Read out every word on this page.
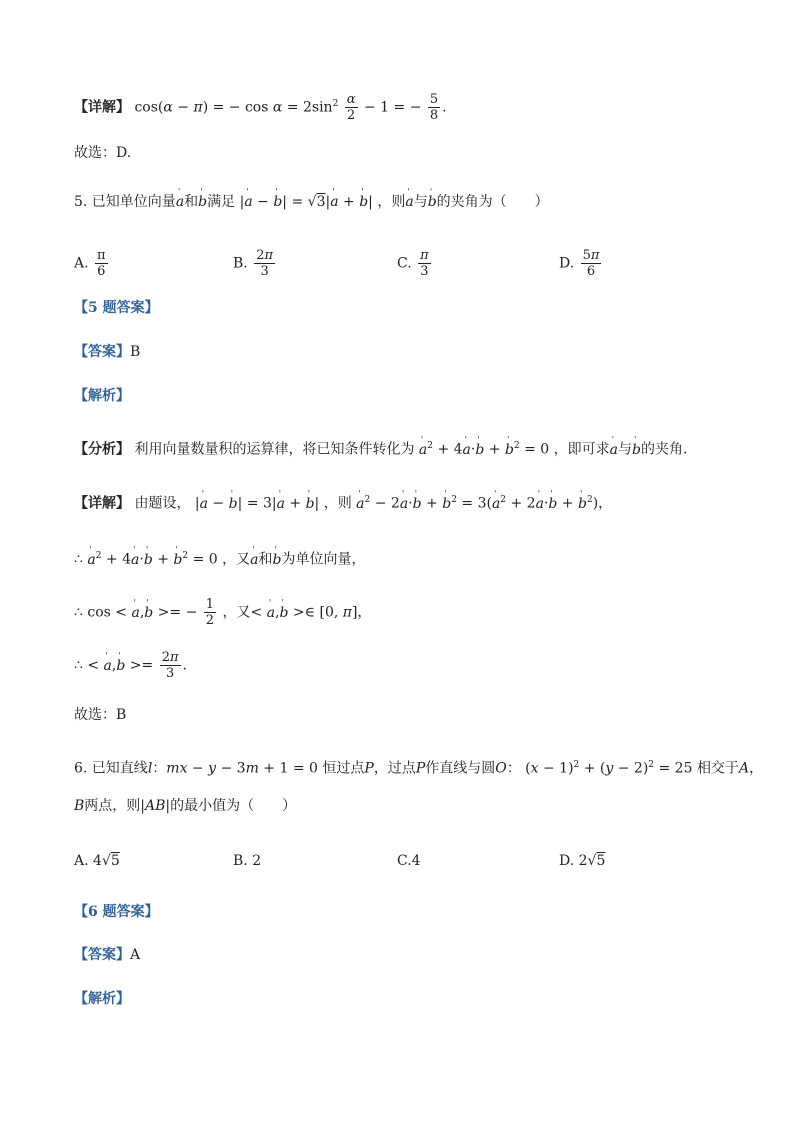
【详解】 cos(α − π) = − $\cos \alpha = 2\sin^2 \frac{\alpha}{2} - 1$ = − $\frac{5}{8}$ .
故选：D.
5. 已知单位向量' a和' b满足 |' a − ' b| = √3|' a + ' b| ，则' a与' b的夹角为（　　）
A. $\frac{\pi}{6}$	B. $\frac{2\pi}{3}$	C. $\frac{\pi}{3}$	D. $\frac{5\pi}{6}$
【5 题答案】
【答案】B
【解析】
【分析】 利用向量数量积的运算律，将已知条件转化为 ' $a^2 + 4'$ a·' b + ' $b^2 = 0$ ，即可求' a与' b的夹角.
【详解】 由题设， |' a − ' b| = 3|' a + ' b| ，则 ' $a^2 - 2'$ a·' b + ' $b^2 = 3('$ $a^2 + 2'$ a·' b + ' $b^2$)，
∴ ' $a^2 + 4'$ a·' b + ' $b^2 = 0$ ，又' a和' b为单位向量，
∴ cos < ' a,' b >= − $\frac{1}{2}$ ，又< ' a,' b >∈ [0, π]，
∴ < ' a,' $b >= \frac{2\pi}{3}$ .
故选：B
6. 已知直线l：mx − y − 3m + 1 = 0 恒过点P，过点P作直线与圆O： $(x - 1)^2 + (y - 2)^2 = 25$ 相交于A，
B两点，则|AB|的最小值为（　　）
A. 4√5	B. 2	C.4	D. 2√5
【6 题答案】
【答案】A
【解析】
